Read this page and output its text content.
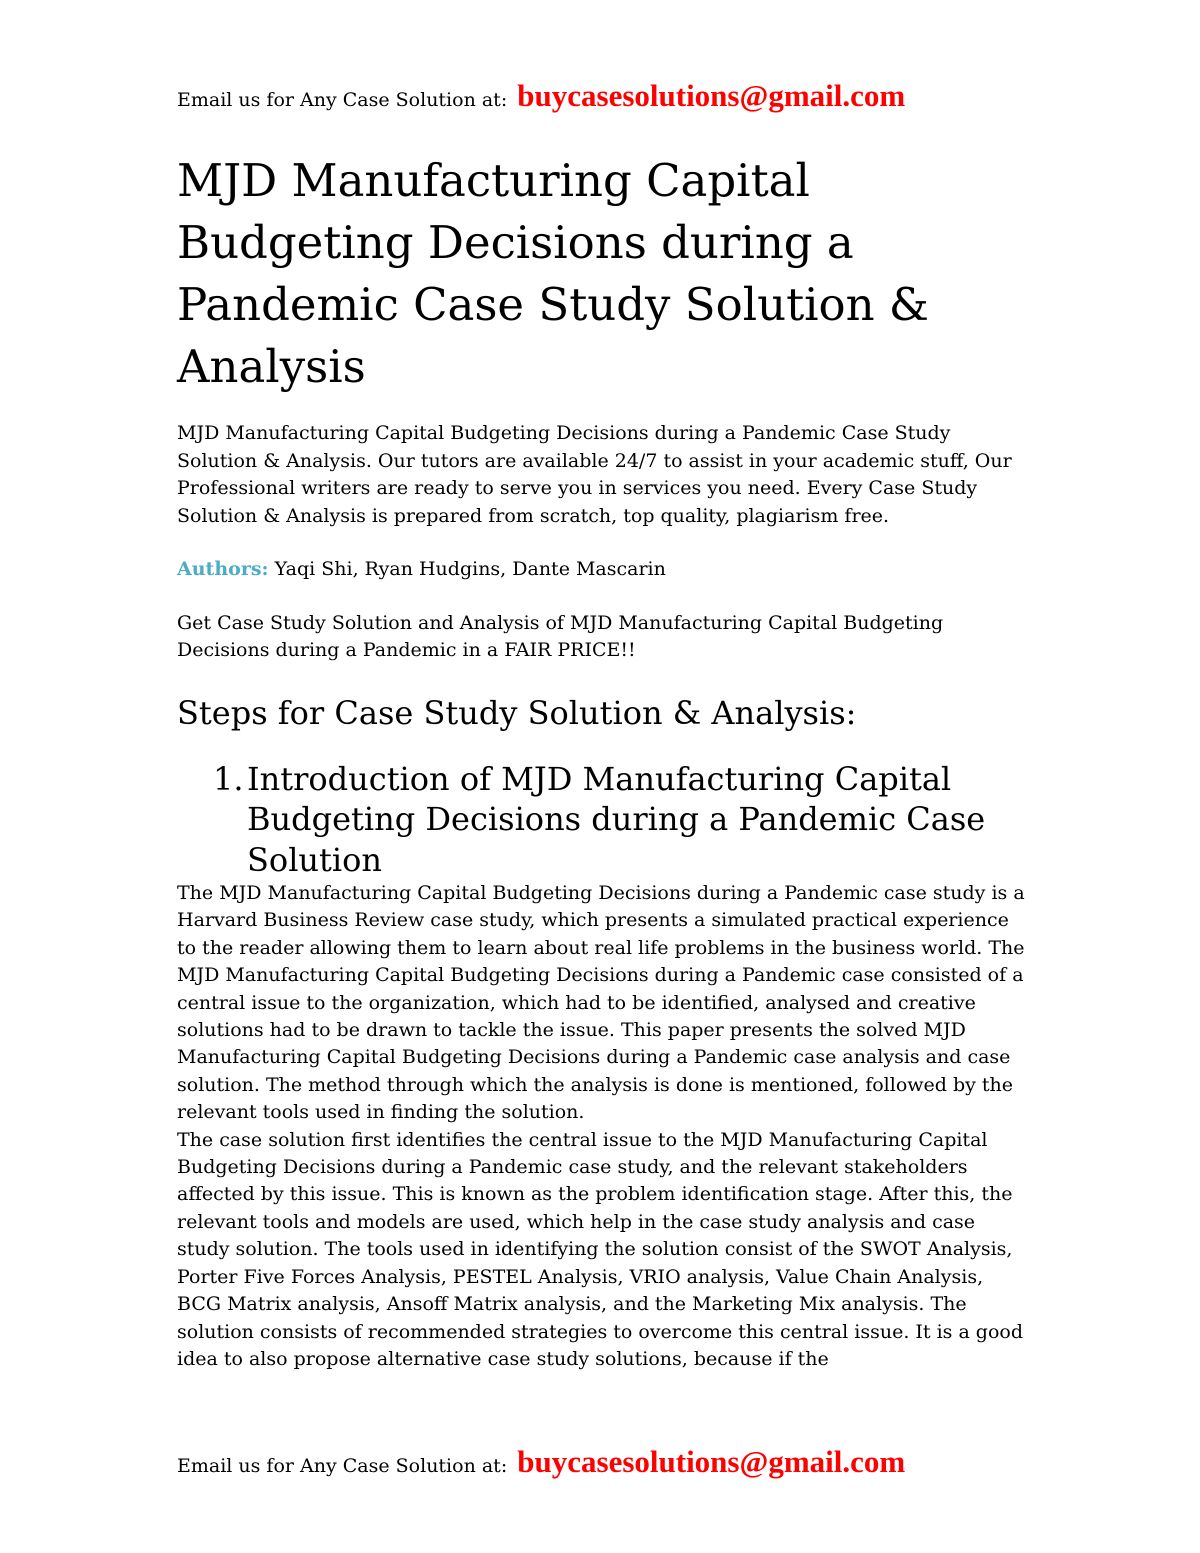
Email us for Any Case Solution at: buycasesolutions@gmail.com
MJD Manufacturing Capital Budgeting Decisions during a Pandemic Case Study Solution & Analysis

MJD Manufacturing Capital Budgeting Decisions during a Pandemic Case Study Solution & Analysis. Our tutors are available 24/7 to assist in your academic stuff, Our Professional writers are ready to serve you in services you need. Every Case Study Solution & Analysis is prepared from scratch, top quality, plagiarism free.

Authors: Yaqi Shi, Ryan Hudgins, Dante Mascarin

Get Case Study Solution and Analysis of MJD Manufacturing Capital Budgeting Decisions during a Pandemic in a FAIR PRICE!!

Steps for Case Study Solution & Analysis:
1. Introduction of MJD Manufacturing Capital Budgeting Decisions during a Pandemic Case Solution

The MJD Manufacturing Capital Budgeting Decisions during a Pandemic case study is a Harvard Business Review case study, which presents a simulated practical experience to the reader allowing them to learn about real life problems in the business world. The MJD Manufacturing Capital Budgeting Decisions during a Pandemic case consisted of a central issue to the organization, which had to be identified, analysed and creative solutions had to be drawn to tackle the issue. This paper presents the solved MJD Manufacturing Capital Budgeting Decisions during a Pandemic case analysis and case solution. The method through which the analysis is done is mentioned, followed by the relevant tools used in finding the solution.

The case solution first identifies the central issue to the MJD Manufacturing Capital Budgeting Decisions during a Pandemic case study, and the relevant stakeholders affected by this issue. This is known as the problem identification stage. After this, the relevant tools and models are used, which help in the case study analysis and case study solution. The tools used in identifying the solution consist of the SWOT Analysis, Porter Five Forces Analysis, PESTEL Analysis, VRIO analysis, Value Chain Analysis, BCG Matrix analysis, Ansoff Matrix analysis, and the Marketing Mix analysis. The solution consists of recommended strategies to overcome this central issue. It is a good idea to also propose alternative case study solutions, because if the

Email us for Any Case Solution at: buycasesolutions@gmail.com
